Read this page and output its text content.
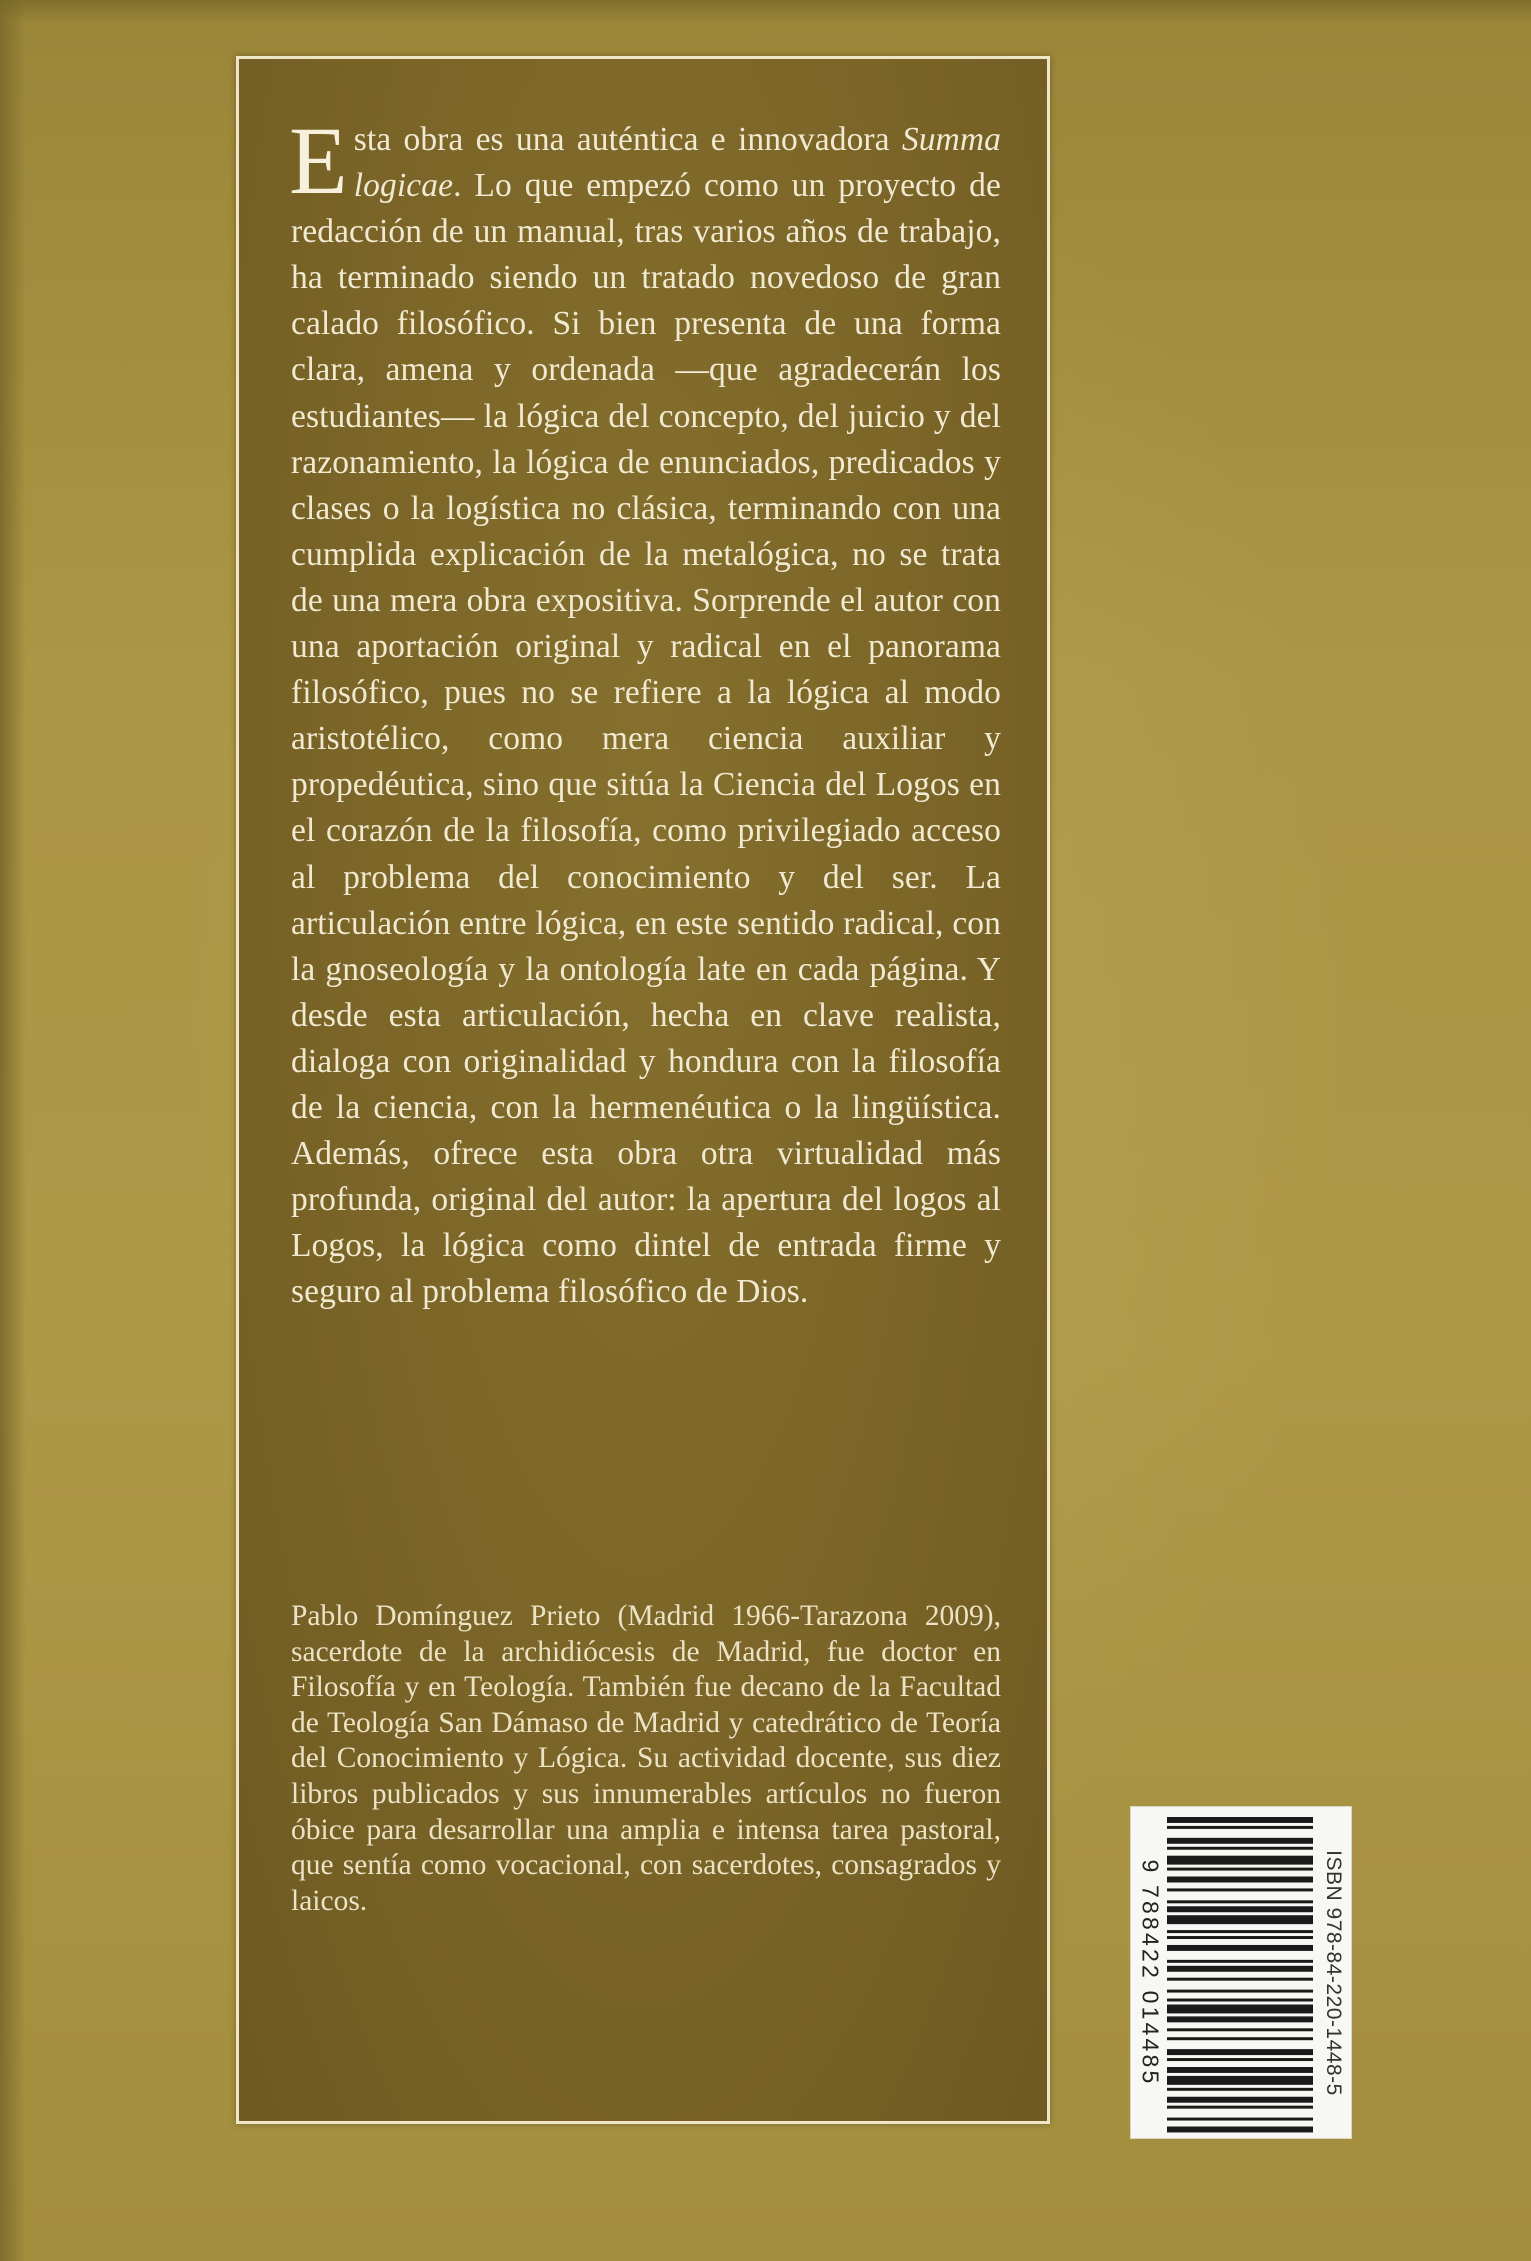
Esta obra es una auténtica e innovadora Summa logicae. Lo que empezó como un proyecto de redacción de un manual, tras varios años de trabajo, ha terminado siendo un tratado novedoso de gran calado filosófico. Si bien presenta de una forma clara, amena y ordenada —que agradecerán los estudiantes— la lógica del concepto, del juicio y del razonamiento, la lógica de enunciados, predicados y clases o la logística no clásica, terminando con una cumplida explicación de la metalógica, no se trata de una mera obra expositiva. Sorprende el autor con una aportación original y radical en el panorama filosófico, pues no se refiere a la lógica al modo aristotélico, como mera ciencia auxiliar y propedéutica, sino que sitúa la Ciencia del Logos en el corazón de la filosofía, como privilegiado acceso al problema del conocimiento y del ser. La articulación entre lógica, en este sentido radical, con la gnoseología y la ontología late en cada página. Y desde esta articulación, hecha en clave realista, dialoga con originalidad y hondura con la filosofía de la ciencia, con la hermenéutica o la lingüística. Además, ofrece esta obra otra virtualidad más profunda, original del autor: la apertura del logos al Logos, la lógica como dintel de entrada firme y seguro al problema filosófico de Dios.

Pablo Domínguez Prieto (Madrid 1966-Tarazona 2009), sacerdote de la archidiócesis de Madrid, fue doctor en Filosofía y en Teología. También fue decano de la Facultad de Teología San Dámaso de Madrid y catedrático de Teoría del Conocimiento y Lógica. Su actividad docente, sus diez libros publicados y sus innumerables artículos no fueron óbice para desarrollar una amplia e intensa tarea pastoral, que sentía como vocacional, con sacerdotes, consagrados y laicos.	9 788422 014485	ISBN 978-84-220-1448-5
